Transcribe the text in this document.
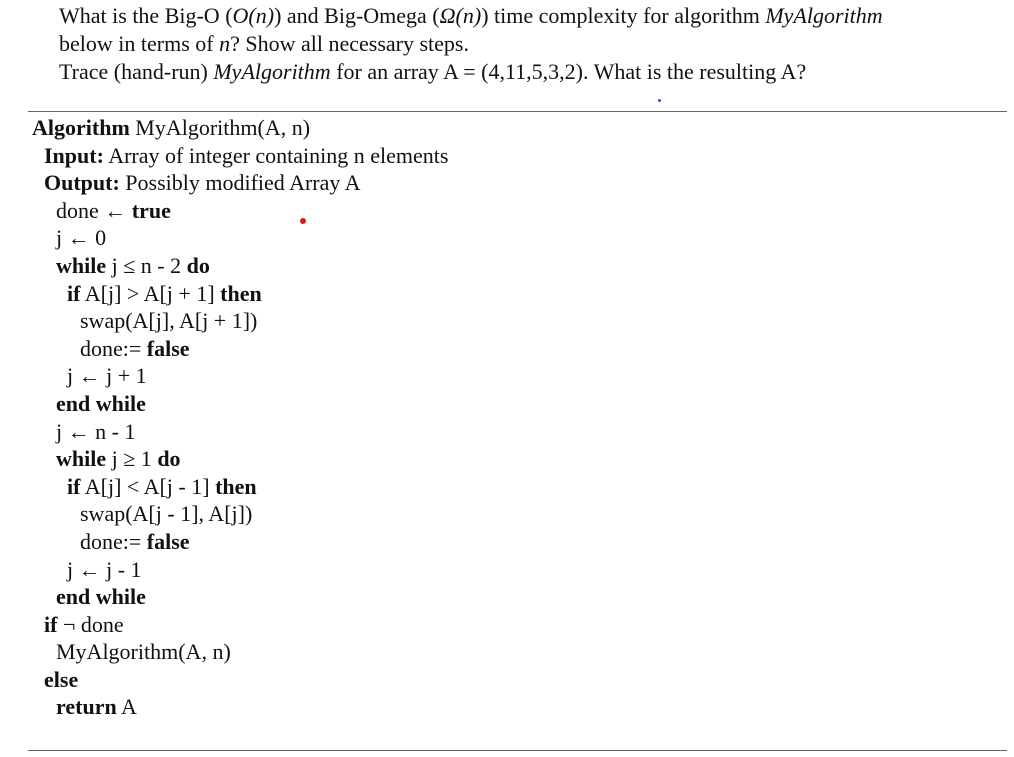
What is the Big-O (O(n)) and Big-Omega (Ω(n)) time complexity for algorithm MyAlgorithm

below in terms of n? Show all necessary steps.

Trace (hand-run) MyAlgorithm for an array A = (4,11,5,3,2). What is the resulting A?

Algorithm MyAlgorithm(A, n)
Input: Array of integer containing n elements
Output: Possibly modified Array A
done ← true
j ← 0
while j ≤ n - 2 do
if A[j] > A[j + 1] then
swap(A[j], A[j + 1])
done:= false
j ← j + 1
end while
j ← n - 1
while j ≥ 1 do
if A[j] < A[j - 1] then
swap(A[j - 1], A[j])
done:= false
j ← j - 1
end while
if ¬ done
MyAlgorithm(A, n)
else
return A
